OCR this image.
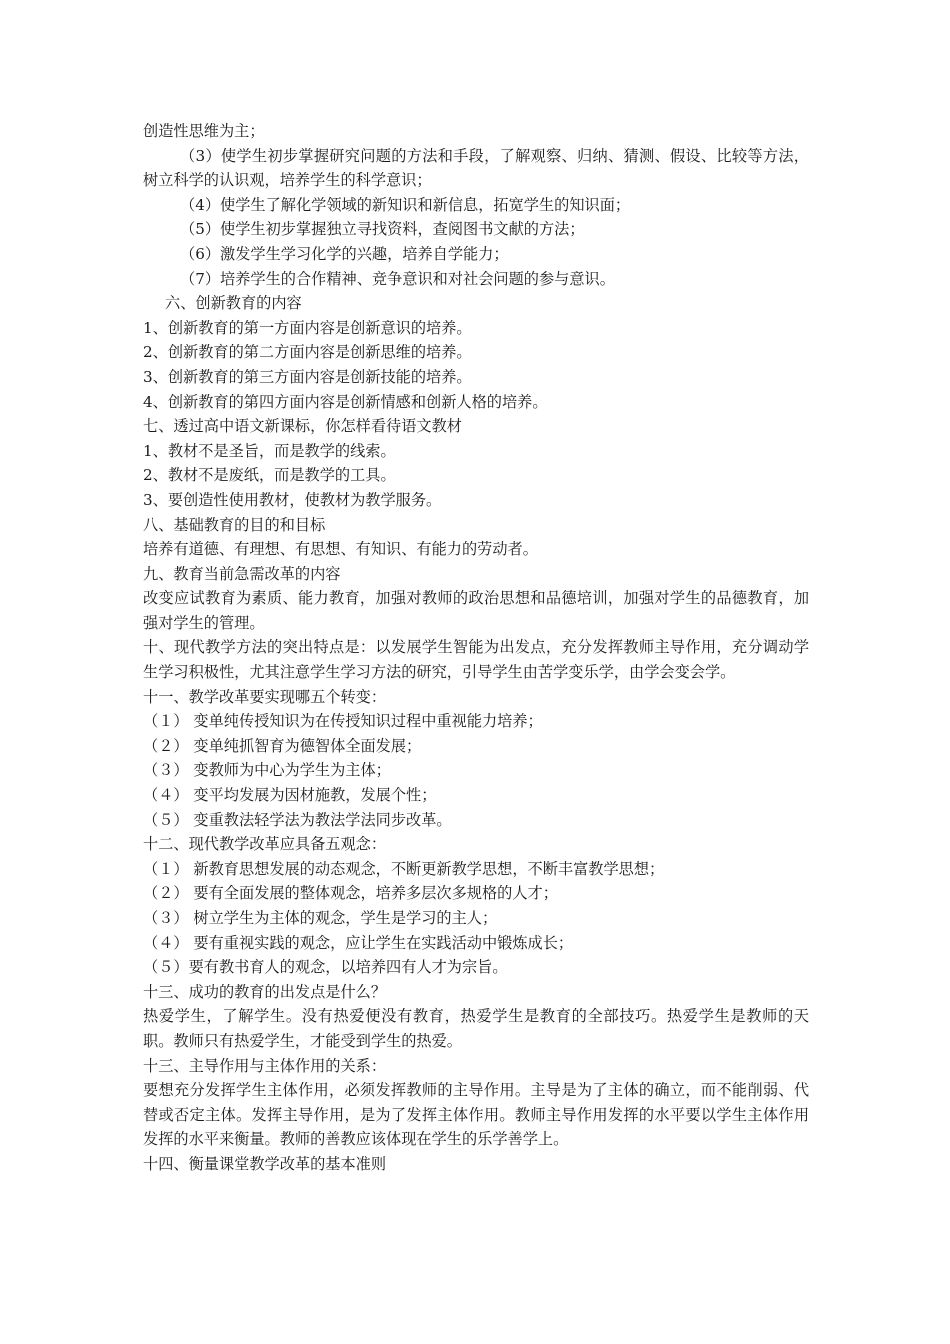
创造性思维为主；

（3）使学生初步掌握研究问题的方法和手段，了解观察、归纳、猜测、假设、比较等方法，树立科学的认识观，培养学生的科学意识；

（4）使学生了解化学领域的新知识和新信息，拓宽学生的知识面；

（5）使学生初步掌握独立寻找资料，查阅图书文献的方法；

（6）激发学生学习化学的兴趣，培养自学能力；

（7）培养学生的合作精神、竞争意识和对社会问题的参与意识。

六、创新教育的内容

1、创新教育的第一方面内容是创新意识的培养。

2、创新教育的第二方面内容是创新思维的培养。

3、创新教育的第三方面内容是创新技能的培养。

4、创新教育的第四方面内容是创新情感和创新人格的培养。

七、透过高中语文新课标，你怎样看待语文教材

1、教材不是圣旨，而是教学的线索。

2、教材不是废纸，而是教学的工具。

3、要创造性使用教材，使教材为教学服务。

八、基础教育的目的和目标

培养有道德、有理想、有思想、有知识、有能力的劳动者。

九、教育当前急需改革的内容

改变应试教育为素质、能力教育，加强对教师的政治思想和品德培训，加强对学生的品德教育，加强对学生的管理。

十、现代教学方法的突出特点是：以发展学生智能为出发点，充分发挥教师主导作用，充分调动学生学习积极性，尤其注意学生学习方法的研究，引导学生由苦学变乐学，由学会变会学。

十一、教学改革要实现哪五个转变：

（１） 变单纯传授知识为在传授知识过程中重视能力培养；

（２） 变单纯抓智育为德智体全面发展；

（３） 变教师为中心为学生为主体；

（４） 变平均发展为因材施教，发展个性；

（５） 变重教法轻学法为教法学法同步改革。

十二、现代教学改革应具备五观念：

（１） 新教育思想发展的动态观念，不断更新教学思想，不断丰富教学思想；

（２） 要有全面发展的整体观念，培养多层次多规格的人才；

（３） 树立学生为主体的观念，学生是学习的主人；

（４） 要有重视实践的观念，应让学生在实践活动中锻炼成长；

（５）要有教书育人的观念，以培养四有人才为宗旨。

十三、成功的教育的出发点是什么？

热爱学生，了解学生。没有热爱便没有教育，热爱学生是教育的全部技巧。热爱学生是教师的天职。教师只有热爱学生，才能受到学生的热爱。

十三、主导作用与主体作用的关系：

要想充分发挥学生主体作用，必须发挥教师的主导作用。主导是为了主体的确立，而不能削弱、代替或否定主体。发挥主导作用，是为了发挥主体作用。教师主导作用发挥的水平要以学生主体作用发挥的水平来衡量。教师的善教应该体现在学生的乐学善学上。

十四、衡量课堂教学改革的基本准则
